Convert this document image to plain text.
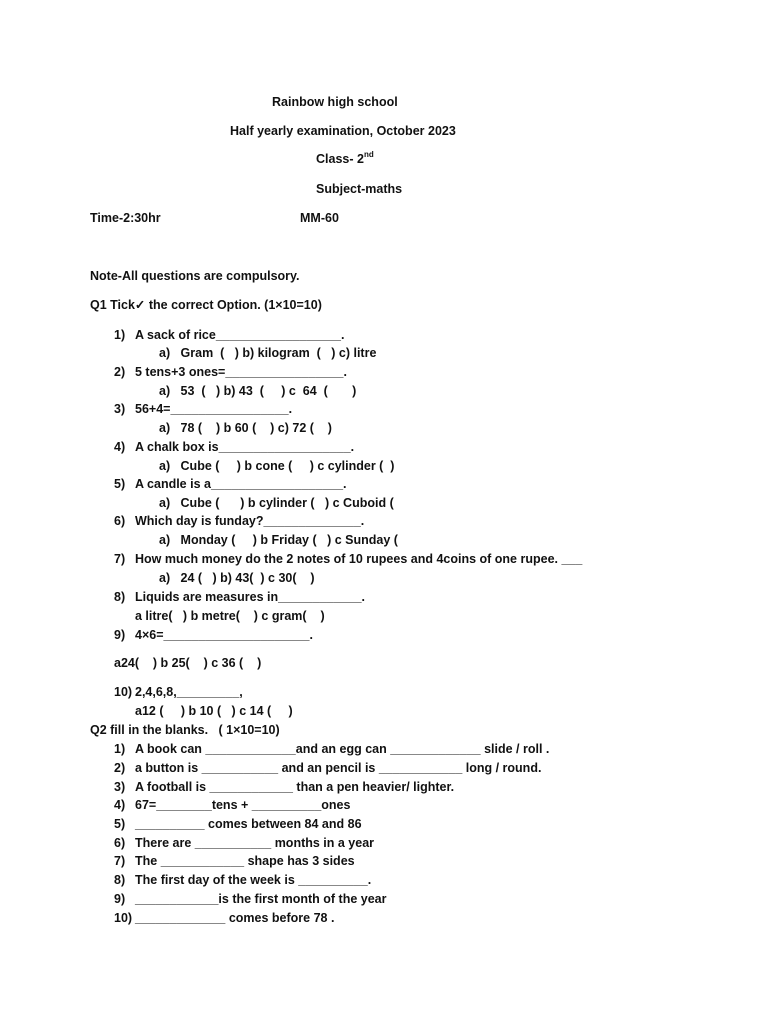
Rainbow high school
Half yearly examination, October 2023
Class- 2nd
Subject-maths
Time-2:30hr	MM-60
Note-All questions are compulsory.
Q1 Tick✓ the correct Option. (1×10=10)
1) A sack of rice__________________.
a)   Gram  (   ) b) kilogram  (   ) c) litre
2) 5 tens+3 ones=_________________.
a)   53  (   ) b) 43  (     ) c  64  (       )
3) 56+4=_________________.
a)   78 (    ) b 60 (    ) c) 72 (    )
4) A chalk box is___________________.
a)   Cube (     ) b cone (     ) c cylinder (  )
5) A candle is a___________________.
a)   Cube (      ) b cylinder (   ) c Cuboid (
6) Which day is funday?______________.
a)   Monday (     ) b Friday (   ) c Sunday (
7) How much money do the 2 notes of 10 rupees and 4coins of one rupee. ___
a)   24 (   ) b) 43(  ) c 30(    )
8) Liquids are measures in____________.
a litre(   ) b metre(    ) c gram(    )
9) 4×6=_____________________.
a24(    ) b 25(    ) c 36 (    )
10) 2,4,6,8,_________,
a12 (     ) b 10 (   ) c 14 (     )
Q2 fill in the blanks.   ( 1×10=10)
1) A book can _____________and an egg can _____________ slide / roll .
2) a button is ___________ and an pencil is ____________ long / round.
3) A football is ____________ than a pen heavier/ lighter.
4) 67=________tens + __________ones
5) __________ comes between 84 and 86
6) There are ___________ months in a year
7) The ____________ shape has 3 sides
8) The first day of the week is __________.
9) ____________is the first month of the year
10) _____________ comes before 78 .
